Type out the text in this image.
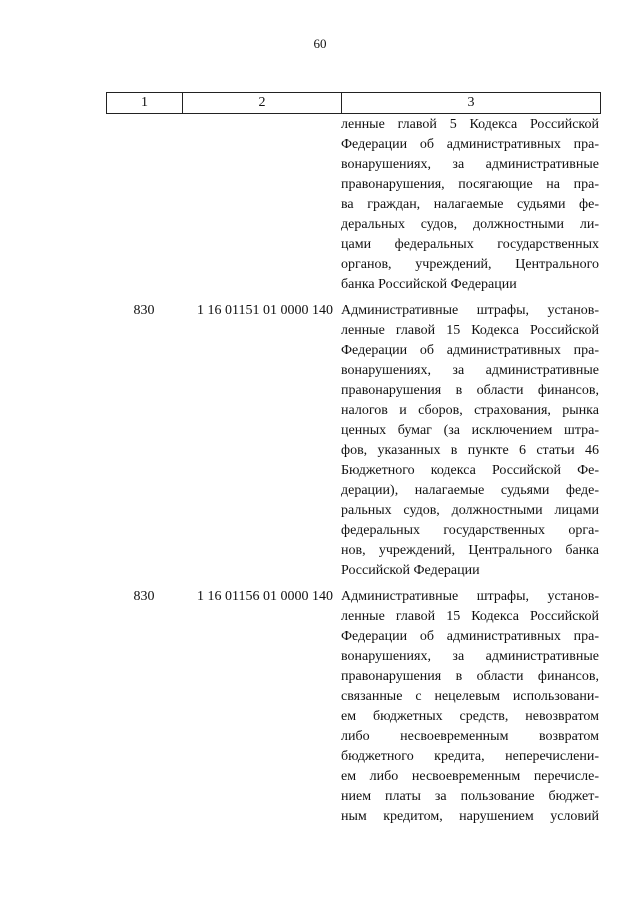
60
1	2	3
ленные главой 5 Кодекса Российской
Федерации об административных пра-
вонарушениях, за административные
правонарушения, посягающие на пра-
ва граждан, налагаемые судьями фе-
деральных судов, должностными ли-
цами федеральных государственных
органов, учреждений, Центрального
банка Российской Федерации
830	1 16 01151 01 0000 140 Административные штрафы, установ-
ленные главой 15 Кодекса Российской
Федерации об административных пра-
вонарушениях, за административные
правонарушения в области финансов,
налогов и сборов, страхования, рынка
ценных бумаг (за исключением штра-
фов, указанных в пункте 6 статьи 46
Бюджетного кодекса Российской Фе-
дерации), налагаемые судьями феде-
ральных судов, должностными лицами
федеральных государственных орга-
нов, учреждений, Центрального банка
Российской Федерации
830	1 16 01156 01 0000 140 Административные штрафы, установ-
ленные главой 15 Кодекса Российской
Федерации об административных пра-
вонарушениях, за административные
правонарушения в области финансов,
связанные с нецелевым использовани-
ем бюджетных средств, невозвратом
либо несвоевременным возвратом
бюджетного кредита, неперечислени-
ем либо несвоевременным перечисле-
нием платы за пользование бюджет-
ным кредитом, нарушением условий
